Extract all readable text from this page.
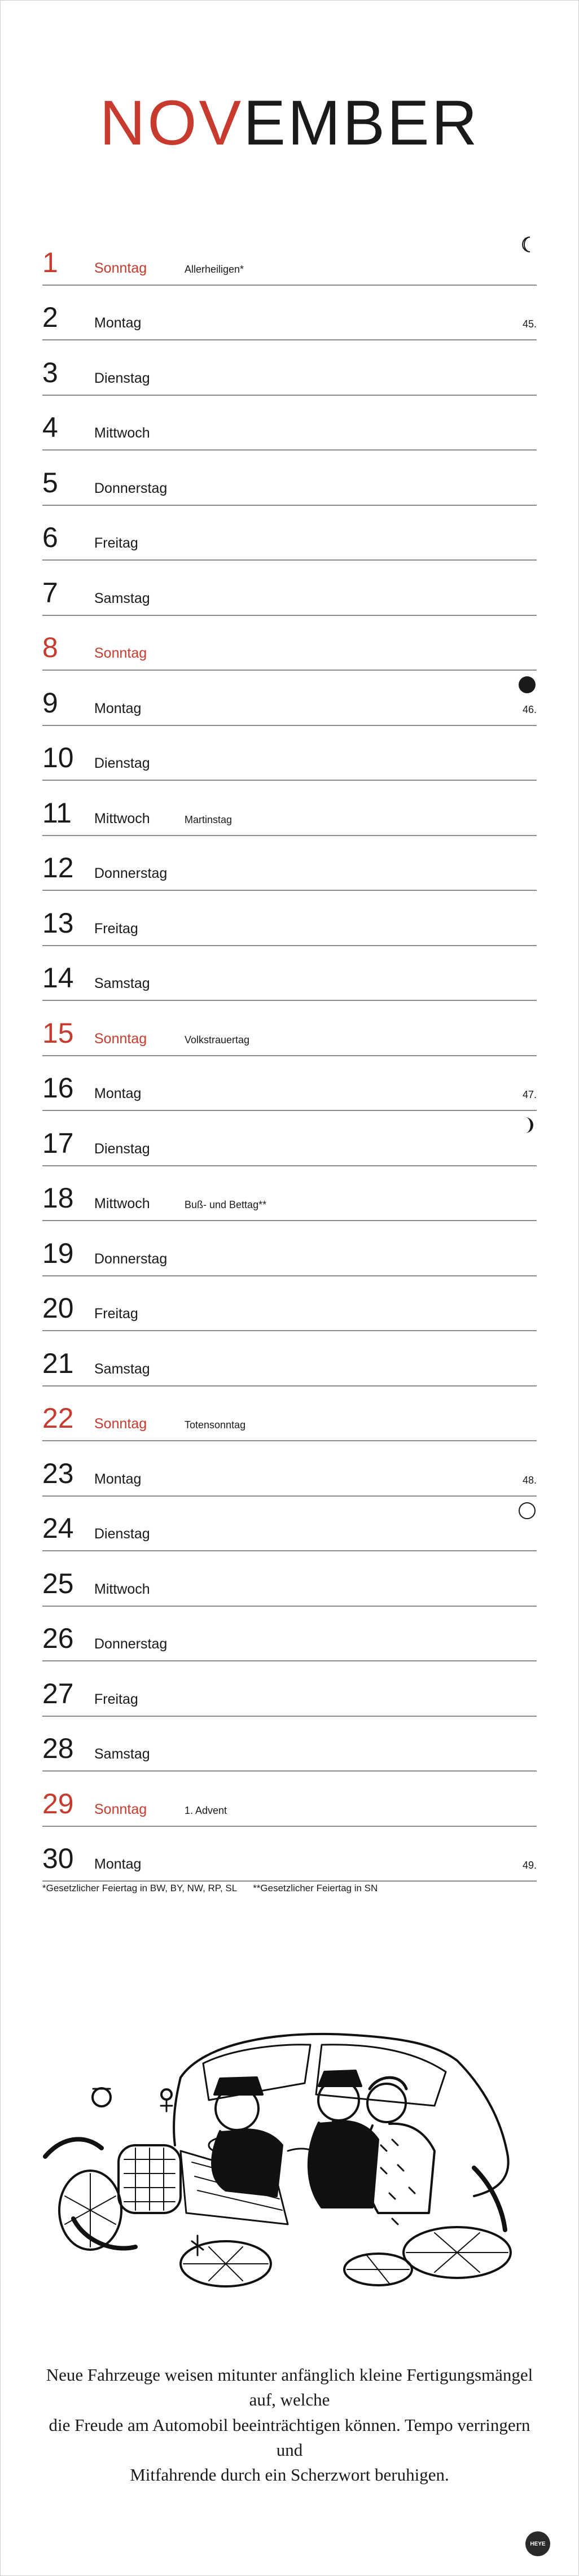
NOVEMBER
1	Sonntag	Allerheiligen*
2	Montag	45.
3	Dienstag
4	Mittwoch
5	Donnerstag
6	Freitag
7	Samstag
8	Sonntag
9	Montag	46.
10 Dienstag
11 Mittwoch	Martinstag
12 Donnerstag
13 Freitag
14 Samstag
15 Sonntag	Volkstrauertag
16 Montag	47.
17 Dienstag
18 Mittwoch	Buß- und Bettag**
19 Donnerstag
20 Freitag
21 Samstag
22 Sonntag	Totensonntag
23 Montag	48.
24 Dienstag
25 Mittwoch
26 Donnerstag
27 Freitag
28 Samstag
29 Sonntag	1. Advent
30 Montag	49.
*Gesetzlicher Feiertag in BW, BY, NW, RP, SL **Gesetzlicher Feiertag in SN
Neue Fahrzeuge weisen mitunter anfänglich kleine Fertigungsmängel auf, welche
die Freude am Automobil beeinträchtigen können. Tempo verringern und
Mitfahrende durch ein Scherzwort beruhigen.
HEYE
